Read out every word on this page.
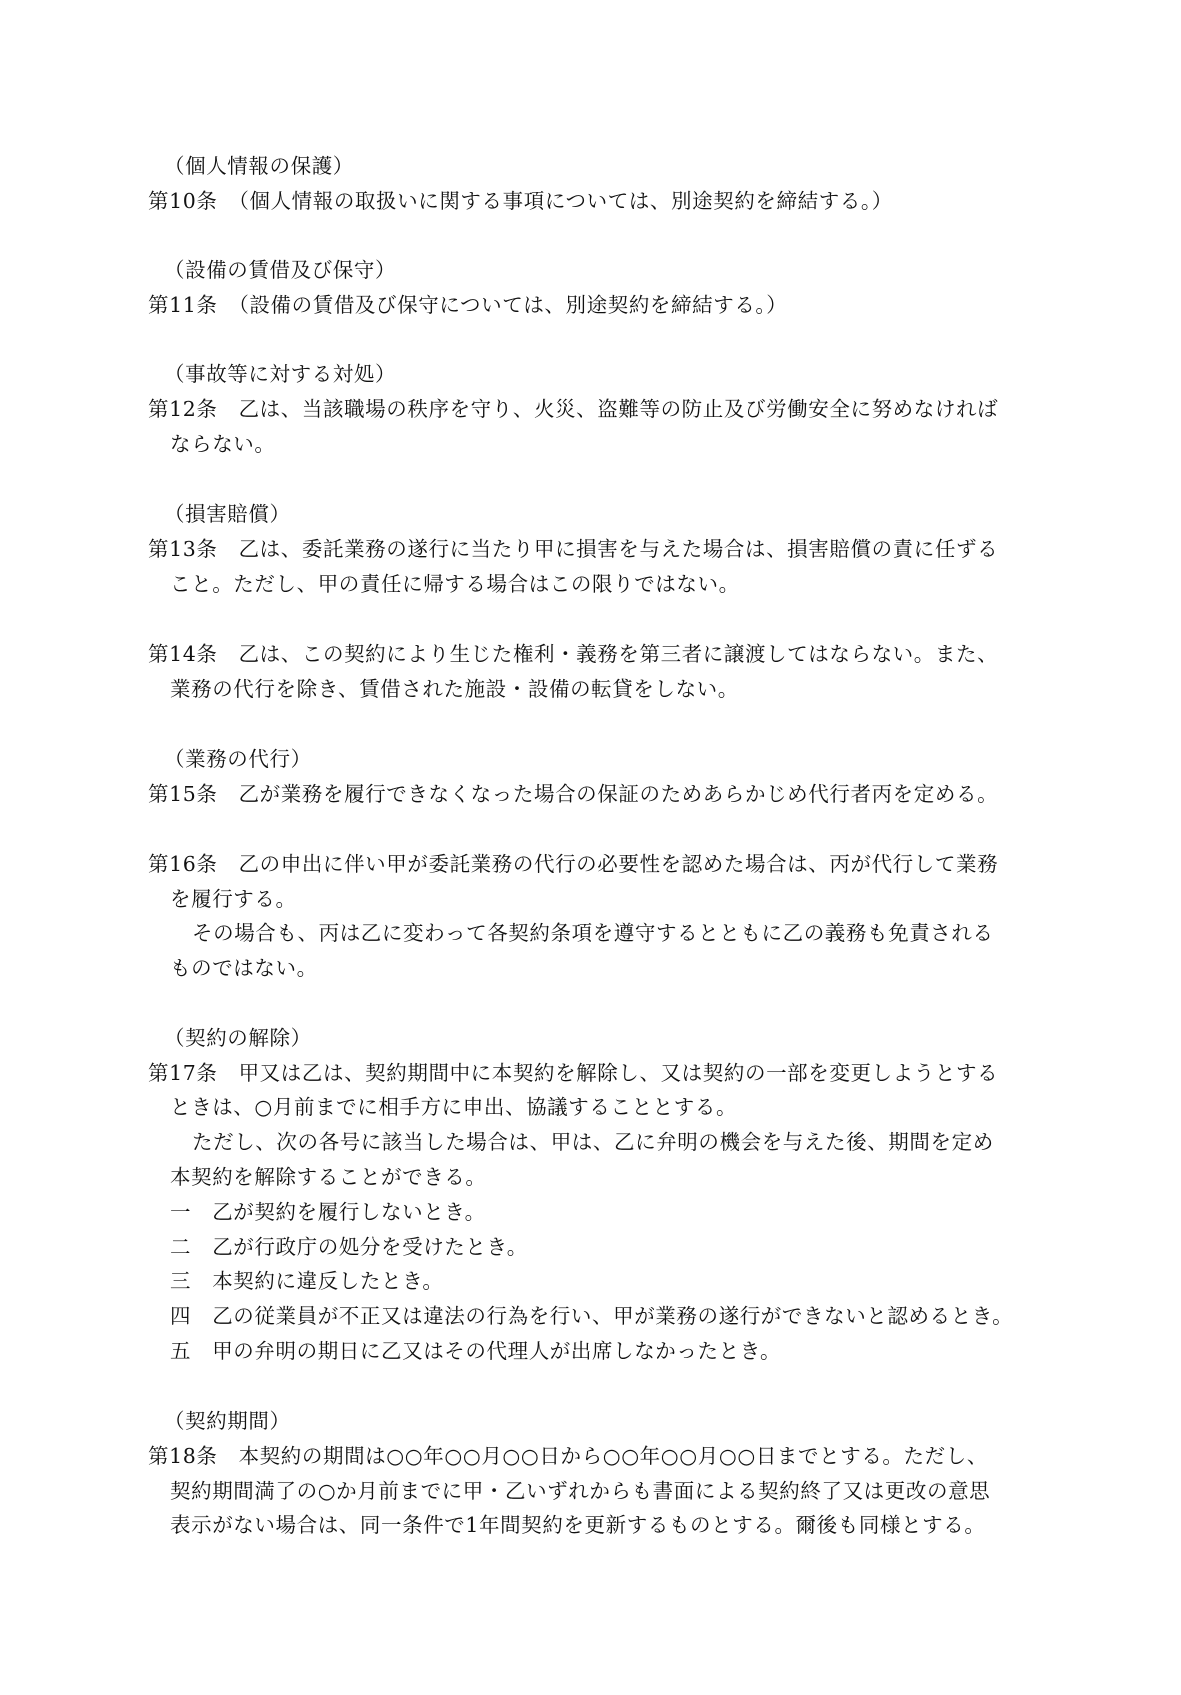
（個人情報の保護）
第10条　（個人情報の取扱いに関する事項については、別途契約を締結する。）
（設備の賃借及び保守）
第11条　（設備の賃借及び保守については、別途契約を締結する。）
（事故等に対する対処）
第12条　乙は、当該職場の秩序を守り、火災、盗難等の防止及び労働安全に努めなければ
ならない。
（損害賠償）
第13条　乙は、委託業務の遂行に当たり甲に損害を与えた場合は、損害賠償の責に任ずる
こと。ただし、甲の責任に帰する場合はこの限りではない。
第14条　乙は、この契約により生じた権利・義務を第三者に譲渡してはならない。また、
業務の代行を除き、賃借された施設・設備の転貸をしない。
（業務の代行）
第15条　乙が業務を履行できなくなった場合の保証のためあらかじめ代行者丙を定める。
第16条　乙の申出に伴い甲が委託業務の代行の必要性を認めた場合は、丙が代行して業務
を履行する。
その場合も、丙は乙に変わって各契約条項を遵守するとともに乙の義務も免責される
ものではない。
（契約の解除）
第17条　甲又は乙は、契約期間中に本契約を解除し、又は契約の一部を変更しようとする
ときは、○月前までに相手方に申出、協議することとする。
ただし、次の各号に該当した場合は、甲は、乙に弁明の機会を与えた後、期間を定め
本契約を解除することができる。
一　乙が契約を履行しないとき。
二　乙が行政庁の処分を受けたとき。
三　本契約に違反したとき。
四　乙の従業員が不正又は違法の行為を行い、甲が業務の遂行ができないと認めるとき。
五　甲の弁明の期日に乙又はその代理人が出席しなかったとき。
（契約期間）
第18条　本契約の期間は○○年○○月○○日から○○年○○月○○日までとする。ただし、
契約期間満了の○か月前までに甲・乙いずれからも書面による契約終了又は更改の意思
表示がない場合は、同一条件で1年間契約を更新するものとする。爾後も同様とする。
